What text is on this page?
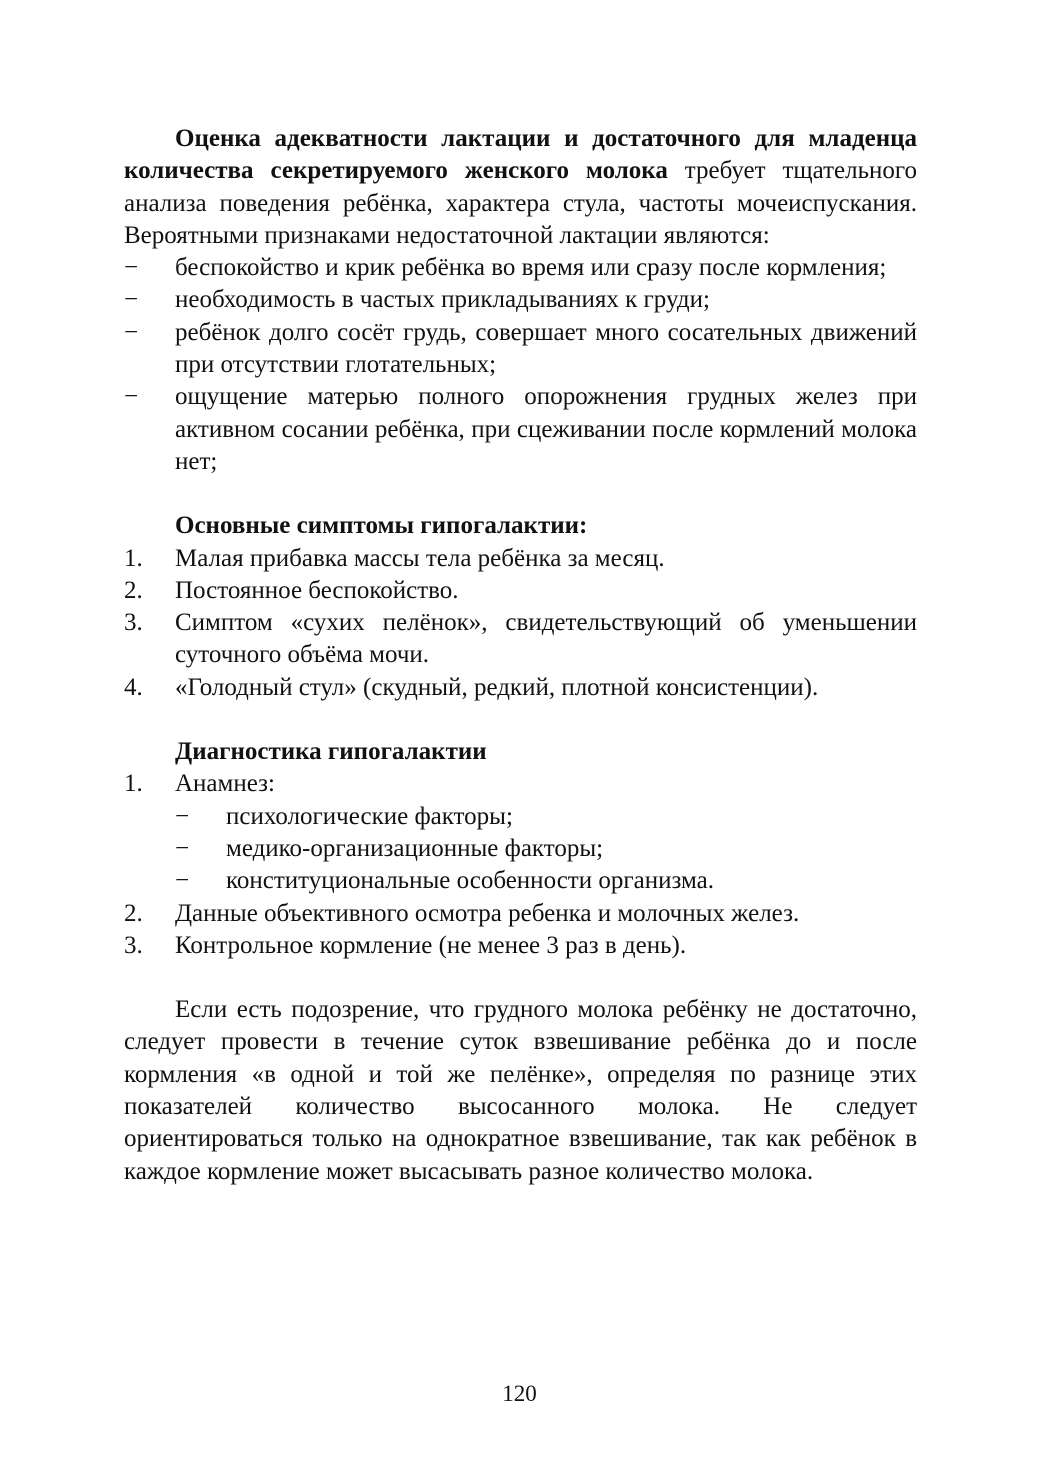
Оценка адекватности лактации и достаточного для младенца количества секретируемого женского молока требует тщательного анализа поведения ребёнка, характера стула, частоты мочеиспускания. Вероятными признаками недостаточной лактации являются:

− беспокойство и крик ребёнка во время или сразу после кормления;
− необходимость в частых прикладываниях к груди;
− ребёнок долго сосёт грудь, совершает много сосательных движений при отсутствии глотательных;
− ощущение матерью полного опорожнения грудных желез при активном сосании ребёнка, при сцеживании после кормлений молока нет;

Основные симптомы гипогалактии:

1. Малая прибавка массы тела ребёнка за месяц.
2. Постоянное беспокойство.
3. Симптом «сухих пелёнок», свидетельствующий об уменьшении суточного объёма мочи.
4. «Голодный стул» (скудный, редкий, плотной консистенции).

Диагностика гипогалактии

1. Анамнез:
− психологические факторы;
− медико-организационные факторы;
− конституциональные особенности организма.
2. Данные объективного осмотра ребенка и молочных желез.
3. Контрольное кормление (не менее 3 раз в день).

Если есть подозрение, что грудного молока ребёнку не достаточно, следует провести в течение суток взвешивание ребёнка до и после кормления «в одной и той же пелёнке», определяя по разнице этих показателей количество высосанного молока. Не следует ориентироваться только на однократное взвешивание, так как ребёнок в каждое кормление может высасывать разное количество молока.

120
